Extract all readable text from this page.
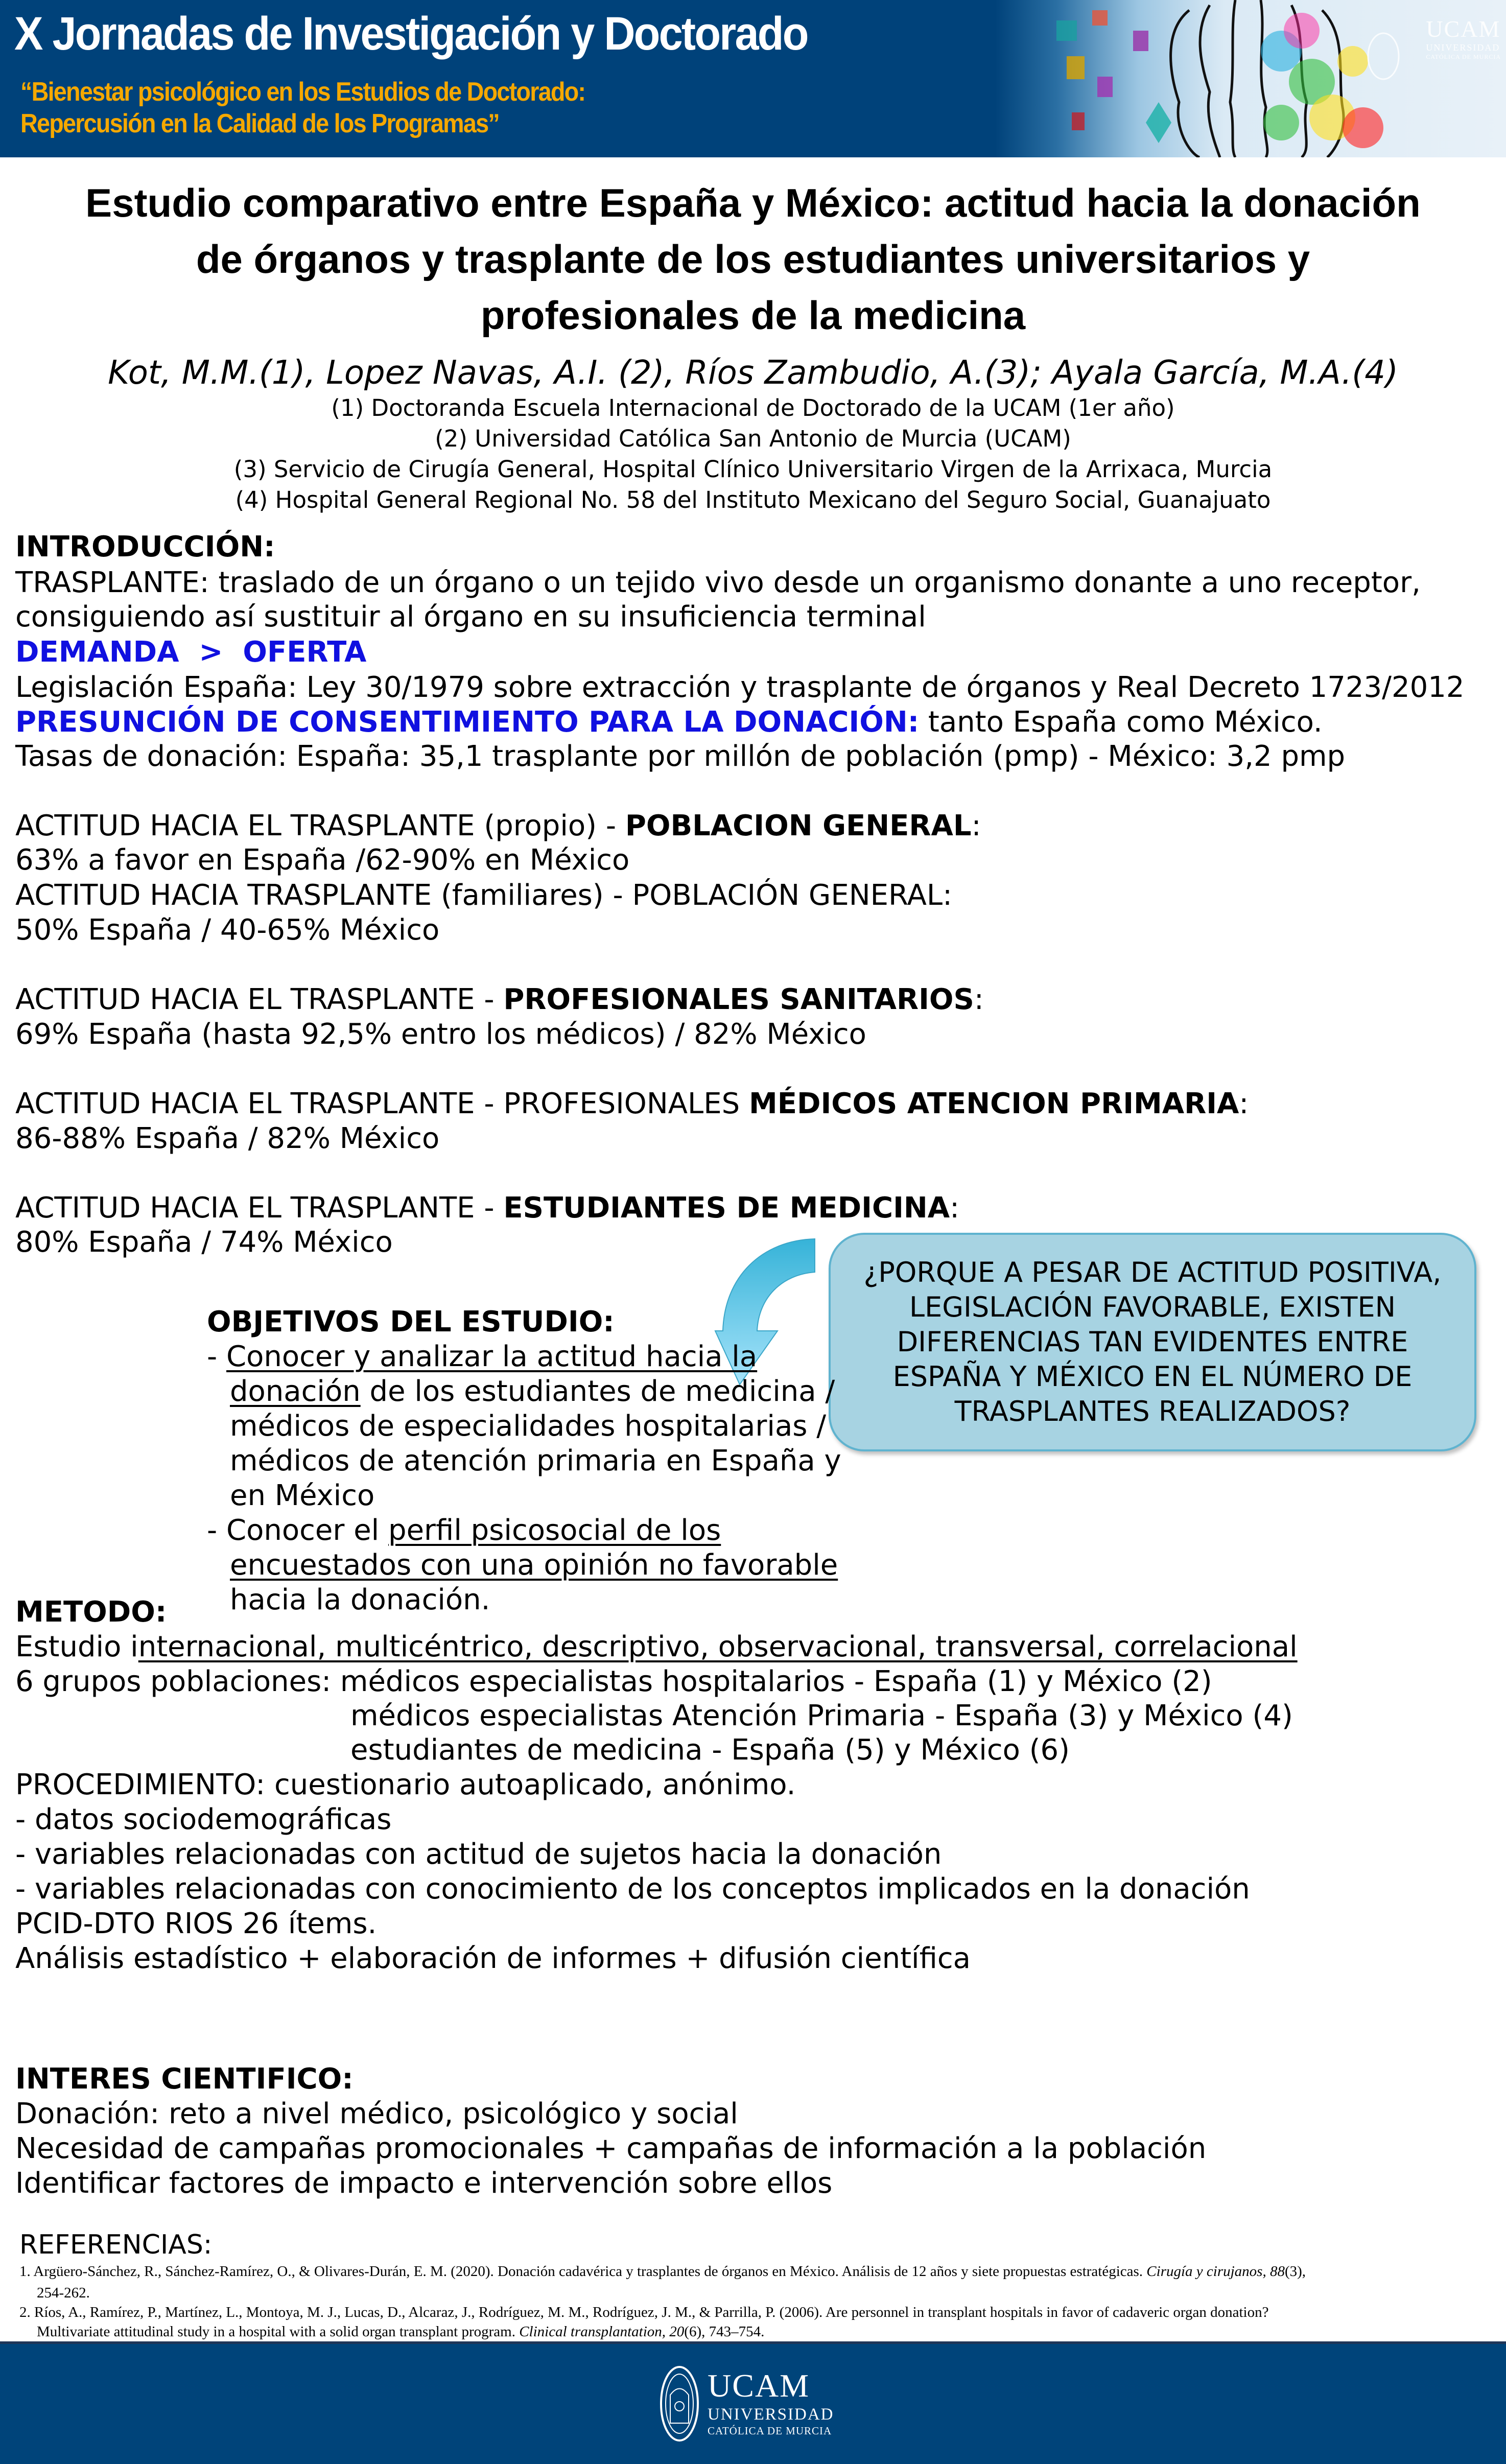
UCAM
UNIVERSIDAD
CATÓLICA DE MURCIA
X Jornadas de Investigación y Doctorado
“Bienestar psicológico en los Estudios de Doctorado:
Repercusión en la Calidad de los Programas”
Estudio comparativo entre España y México: actitud hacia la donación
de órganos y trasplante de los estudiantes universitarios y
profesionales de la medicina
Kot, M.M.(1), Lopez Navas, A.I. (2), Ríos Zambudio, A.(3); Ayala García, M.A.(4)
(1) Doctoranda Escuela Internacional de Doctorado de la UCAM (1er año)
(2) Universidad Católica San Antonio de Murcia (UCAM)
(3) Servicio de Cirugía General, Hospital Clínico Universitario Virgen de la Arrixaca, Murcia
(4) Hospital General Regional No. 58 del Instituto Mexicano del Seguro Social, Guanajuato
INTRODUCCIÓN:
TRASPLANTE: traslado de un órgano o un tejido vivo desde un organismo donante a uno receptor,
consiguiendo así sustituir al órgano en su insuficiencia terminal
DEMANDA  >  OFERTA
Legislación España: Ley 30/1979 sobre extracción y trasplante de órganos y Real Decreto 1723/2012
PRESUNCIÓN DE CONSENTIMIENTO PARA LA DONACIÓN: tanto España como México.
Tasas de donación: España: 35,1 trasplante por millón de población (pmp) - México: 3,2 pmp
ACTITUD HACIA EL TRASPLANTE (propio) - POBLACION GENERAL:
63% a favor en España /62-90% en México
ACTITUD HACIA TRASPLANTE (familiares) - POBLACIÓN GENERAL:
50% España / 40-65% México
ACTITUD HACIA EL TRASPLANTE - PROFESIONALES SANITARIOS:
69% España (hasta 92,5% entro los médicos) / 82% México
ACTITUD HACIA EL TRASPLANTE - PROFESIONALES MÉDICOS ATENCION PRIMARIA:
86-88% España / 82% México
ACTITUD HACIA EL TRASPLANTE - ESTUDIANTES DE MEDICINA:
80% España / 74% México
¿PORQUE A PESAR DE ACTITUD POSITIVA,
LEGISLACIÓN FAVORABLE, EXISTEN
DIFERENCIAS TAN EVIDENTES ENTRE
ESPAÑA Y MÉXICO EN EL NÚMERO DE
TRASPLANTES REALIZADOS?
OBJETIVOS DEL ESTUDIO:
- Conocer y analizar la actitud hacia la
donación de los estudiantes de medicina /
médicos de especialidades hospitalarias /
médicos de atención primaria en España y
en México
- Conocer el perfil psicosocial de los
encuestados con una opinión no favorable
hacia la donación.
METODO:
Estudio internacional, multicéntrico, descriptivo, observacional, transversal, correlacional
6 grupos poblaciones: médicos especialistas hospitalarios - España (1) y México (2)
médicos especialistas Atención Primaria - España (3) y México (4)
estudiantes de medicina - España (5) y México (6)
PROCEDIMIENTO: cuestionario autoaplicado, anónimo.
- datos sociodemográficas
- variables relacionadas con actitud de sujetos hacia la donación
- variables relacionadas con conocimiento de los conceptos implicados en la donación
PCID-DTO RIOS 26 ítems.
Análisis estadístico + elaboración de informes + difusión científica
INTERES CIENTIFICO:
Donación: reto a nivel médico, psicológico y social
Necesidad de campañas promocionales + campañas de información a la población
Identificar factores de impacto e intervención sobre ellos
REFERENCIAS:
1. Argüero-Sánchez, R., Sánchez-Ramírez, O., & Olivares-Durán, E. M. (2020). Donación cadavérica y trasplantes de órganos en México. Análisis de 12 años y siete propuestas estratégicas. Cirugía y cirujanos, 88(3),
254-262.
2. Ríos, A., Ramírez, P., Martínez, L., Montoya, M. J., Lucas, D., Alcaraz, J., Rodríguez, M. M., Rodríguez, J. M., & Parrilla, P. (2006). Are personnel in transplant hospitals in favor of cadaveric organ donation?
Multivariate attitudinal study in a hospital with a solid organ transplant program. Clinical transplantation, 20(6), 743–754.
UCAM
UNIVERSIDAD
CATÓLICA DE MURCIA
